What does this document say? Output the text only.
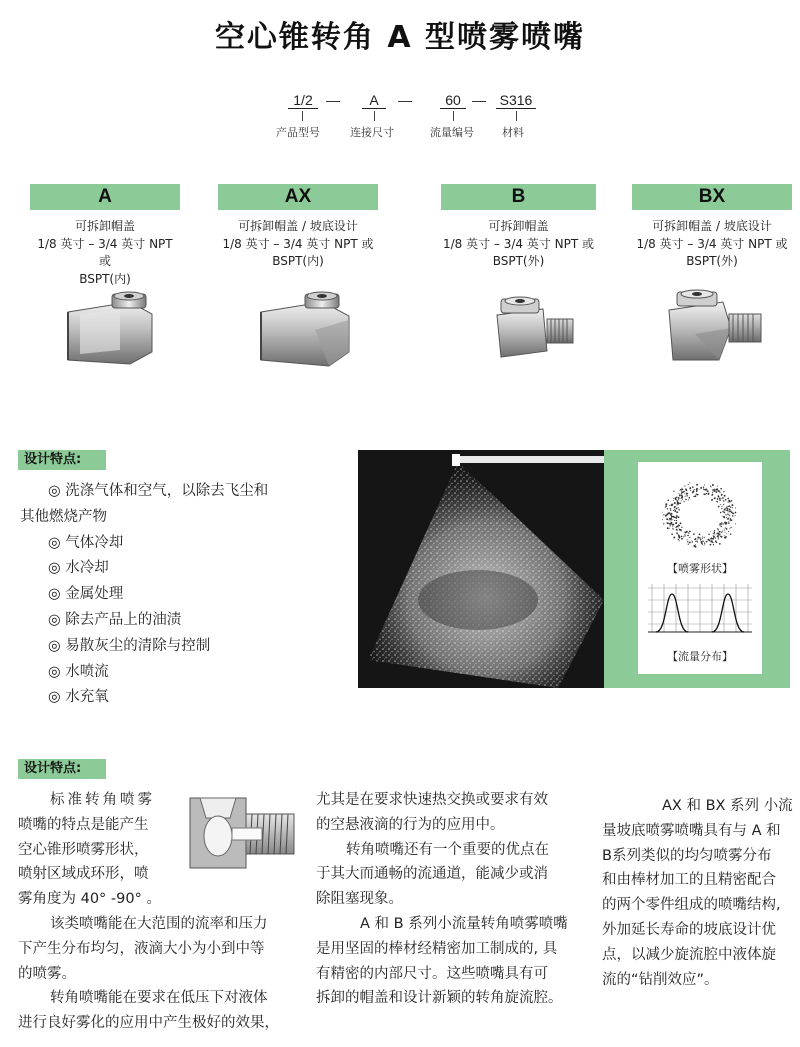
空心锥转角 A 型喷雾喷嘴
1/2 —	A	—	60 — S316
产品型号	连接尺寸	流量编号	材料
A
可拆卸帽盖
1/8 英寸 – 3/4 英寸 NPT 或
BSPT(内)
AX
可拆卸帽盖 / 坡底设计
1/8 英寸 – 3/4 英寸 NPT 或
BSPT(内)
B
可拆卸帽盖
1/8 英寸 – 3/4 英寸 NPT 或
BSPT(外)
BX
可拆卸帽盖 / 坡底设计
1/8 英寸 – 3/4 英寸 NPT 或
BSPT(外)
设计特点:
◎ 洗涤气体和空气，以除去飞尘和
其他燃烧产物
◎ 气体冷却
◎ 水冷却
◎ 金属处理
◎ 除去产品上的油渍
◎ 易散灰尘的清除与控制
◎ 水喷流
◎ 水充氧
【喷雾形状】
【流量分布】
设计特点:
标准转角喷雾
喷嘴的特点是能产生
空心锥形喷雾形状，
喷射区域成环形，喷
雾角度为 40° -90° 。
该类喷嘴能在大范围的流率和压力
下产生分布均匀，液滴大小为小到中等
的喷雾。
转角喷嘴能在要求在低压下对液体
进行良好雾化的应用中产生极好的效果，
尤其是在要求快速热交换或要求有效
的空悬液滴的行为的应用中。
转角喷嘴还有一个重要的优点在
于其大而通畅的流通道，能减少或消
除阻塞现象。
A 和 B 系列小流量转角喷雾喷嘴
是用坚固的棒材经精密加工制成的, 具
有精密的内部尺寸。这些喷嘴具有可
拆卸的帽盖和设计新颖的转角旋流腔。
AX 和 BX 系列 小流
量坡底喷雾喷嘴具有与 A 和
B系列类似的均匀喷雾分布
和由棒材加工的且精密配合
的两个零件组成的喷嘴结构,
外加延长寿命的坡底设计优
点，以减少旋流腔中液体旋
流的“钻削效应”。
